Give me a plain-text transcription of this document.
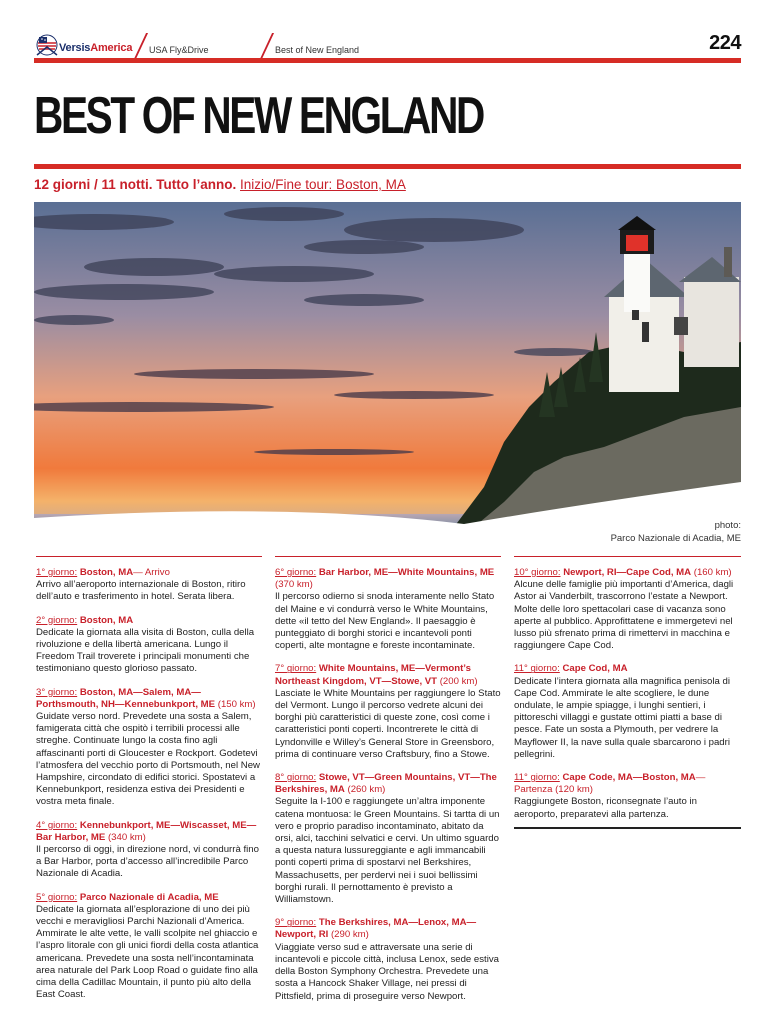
VersisAmerica USA Fly&Drive	Best of New England	224
BEST OF NEW ENGLAND
12 giorni / 11 notti. Tutto l’anno. Inizio/Fine tour: Boston, MA
photo:
Parco Nazionale di Acadia, ME
1° giorno: Boston, MA— Arrivo

Arrivo all’aeroporto internazionale di Boston, ritiro dell’auto e trasferimento in hotel. Serata libera.

2° giorno: Boston, MA

Dedicate la giornata alla visita di Boston, culla della rivoluzione e della libertà americana. Lungo il Freedom Trail troverete i principali monumenti che testimoniano questo glorioso passato.

3° giorno: Boston, MA—Salem, MA—Porthsmouth, NH—Kennebunkport, ME (150 km)

Guidate verso nord. Prevedete una sosta a Salem, famigerata città che ospitò i terribili processi alle streghe. Continuate lungo la costa fino agli affascinanti porti di Gloucester e Rockport. Godetevi l’atmosfera del vecchio porto di Portsmouth, nel New Hampshire, circondato di edifici storici. Spostatevi a Kennebunkport, residenza estiva dei Presidenti e vostra meta finale.

4° giorno: Kennebunkport, ME—Wiscasset, ME—Bar Harbor, ME (340 km)

Il percorso di oggi, in direzione nord, vi condurrà fino a Bar Harbor, porta d’accesso all’incredibile Parco Nazionale di Acadia.

5° giorno: Parco Nazionale di Acadia, ME

Dedicate la giornata all’esplorazione di uno dei più vecchi e meravigliosi Parchi Nazionali d’America. Ammirate le alte vette, le valli scolpite nel ghiaccio e l’aspro litorale con gli unici fiordi della costa atlantica americana. Prevedete una sosta nell’incontaminata area naturale del Park Loop Road o guidate fino alla cima della Cadillac Mountain, il punto più alto della East Coast.

6° giorno: Bar Harbor, ME—White Mountains, ME (370 km)

Il percorso odierno si snoda interamente nello Stato del Maine e vi condurrà verso le White Mountains, dette «il tetto del New England». Il paesaggio è punteggiato di borghi storici e incantevoli ponti coperti, alte montagne e foreste incontaminate.

7° giorno: White Mountains, ME—Vermont’s Northeast Kingdom, VT—Stowe, VT (200 km)

Lasciate le White Mountains per raggiungere lo Stato del Vermont. Lungo il percorso vedrete alcuni dei borghi più caratteristici di queste zone, così come i caratteristici ponti coperti. Incontrerete le città di Lyndonville e Willey’s General Store in Greensboro, prima di continuare verso Craftsbury, fino a Stowe.

8° giorno: Stowe, VT—Green Mountains, VT—The Berkshires, MA (260 km)

Seguite la I-100 e raggiungete un’altra imponente catena montuosa: le Green Mountains. Si tartta di un vero e proprio paradiso incontaminato, abitato da orsi, alci, tacchini selvatici e cervi. Un ultimo sguardo a questa natura lussureggiante e agli immancabili ponti coperti prima di spostarvi nel Berkshires, Massachusetts, per perdervi nei i suoi bellissimi borghi rurali. Il pernottamento è previsto a Williamstown.

9° giorno: The Berkshires, MA—Lenox, MA—Newport, RI (290 km)

Viaggiate verso sud e attraversate una serie di incantevoli e piccole città, inclusa Lenox, sede estiva della Boston Symphony Orchestra. Prevedete una sosta a Hancock Shaker Village, nei pressi di Pittsfield, prima di proseguire verso Newport.

10° giorno: Newport, RI—Cape Cod, MA (160 km)

Alcune delle famiglie più importanti d’America, dagli Astor ai Vanderbilt, trascorrono l’estate a Newport. Molte delle loro spettacolari case di vacanza sono aperte al pubblico. Approfittatene e immergetevi nel lusso più sfrenato prima di rimettervi in macchina e raggiungere Cape Cod.

11° giorno: Cape Cod, MA

Dedicate l’intera giornata alla magnifica penisola di Cape Cod. Ammirate le alte scogliere, le dune ondulate, le ampie spiagge, i lunghi sentieri, i pittoreschi villaggi e gustate ottimi piatti a base di pesce. Fate un sosta a Plymouth, per vedrere la Mayflower II, la nave sulla quale sbarcarono i padri pellegrini.

11° giorno: Cape Code, MA—Boston, MA— Partenza (120 km)

Raggiungete Boston, riconsegnate l’auto in aeroporto, preparatevi alla partenza.
